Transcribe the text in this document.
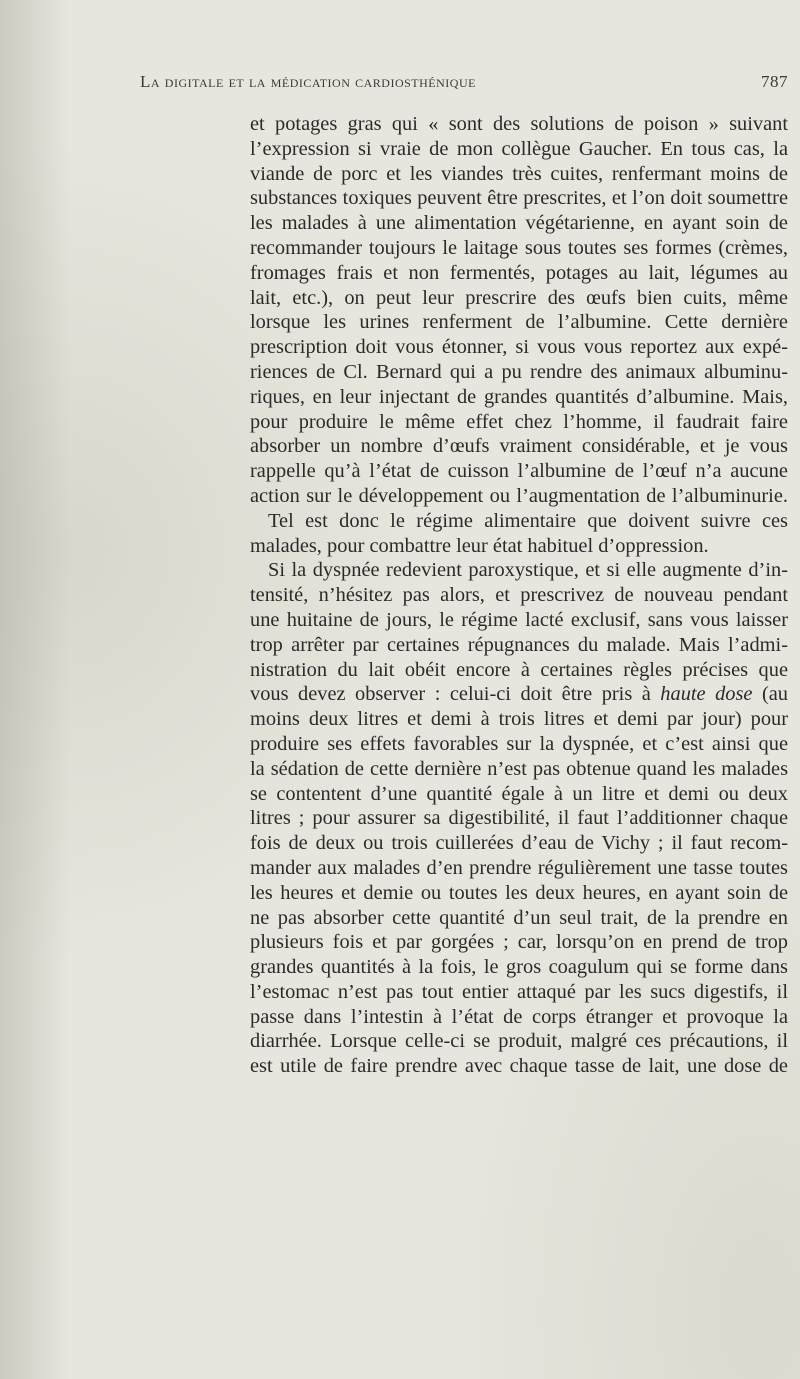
La digitale et la médication cardiosthénique	787
et potages gras qui « sont des solutions de poison » suivant
l’expression si vraie de mon collègue Gaucher. En tous cas, la
viande de porc et les viandes très cuites, renfermant moins de
substances toxiques peuvent être prescrites, et l’on doit soumettre
les malades à une alimentation végétarienne, en ayant soin de
recommander toujours le laitage sous toutes ses formes (crèmes,
fromages frais et non fermentés, potages au lait, légumes au
lait, etc.), on peut leur prescrire des œufs bien cuits, même
lorsque les urines renferment de l’albumine. Cette dernière
prescription doit vous étonner, si vous vous reportez aux expé-
riences de Cl. Bernard qui a pu rendre des animaux albuminu-
riques, en leur injectant de grandes quantités d’albumine. Mais,
pour produire le même effet chez l’homme, il faudrait faire
absorber un nombre d’œufs vraiment considérable, et je vous
rappelle qu’à l’état de cuisson l’albumine de l’œuf n’a aucune
action sur le développement ou l’augmentation de l’albuminurie.
Tel est donc le régime alimentaire que doivent suivre ces
malades, pour combattre leur état habituel d’oppression.
Si la dyspnée redevient paroxystique, et si elle augmente d’in-
tensité, n’hésitez pas alors, et prescrivez de nouveau pendant
une huitaine de jours, le régime lacté exclusif, sans vous laisser
trop arrêter par certaines répugnances du malade. Mais l’admi-
nistration du lait obéit encore à certaines règles précises que
vous devez observer : celui-ci doit être pris à haute dose (au
moins deux litres et demi à trois litres et demi par jour) pour
produire ses effets favorables sur la dyspnée, et c’est ainsi que
la sédation de cette dernière n’est pas obtenue quand les malades
se contentent d’une quantité égale à un litre et demi ou deux
litres ; pour assurer sa digestibilité, il faut l’additionner chaque
fois de deux ou trois cuillerées d’eau de Vichy ; il faut recom-
mander aux malades d’en prendre régulièrement une tasse toutes
les heures et demie ou toutes les deux heures, en ayant soin de
ne pas absorber cette quantité d’un seul trait, de la prendre en
plusieurs fois et par gorgées ; car, lorsqu’on en prend de trop
grandes quantités à la fois, le gros coagulum qui se forme dans
l’estomac n’est pas tout entier attaqué par les sucs digestifs, il
passe dans l’intestin à l’état de corps étranger et provoque la
diarrhée. Lorsque celle-ci se produit, malgré ces précautions, il
est utile de faire prendre avec chaque tasse de lait, une dose de
